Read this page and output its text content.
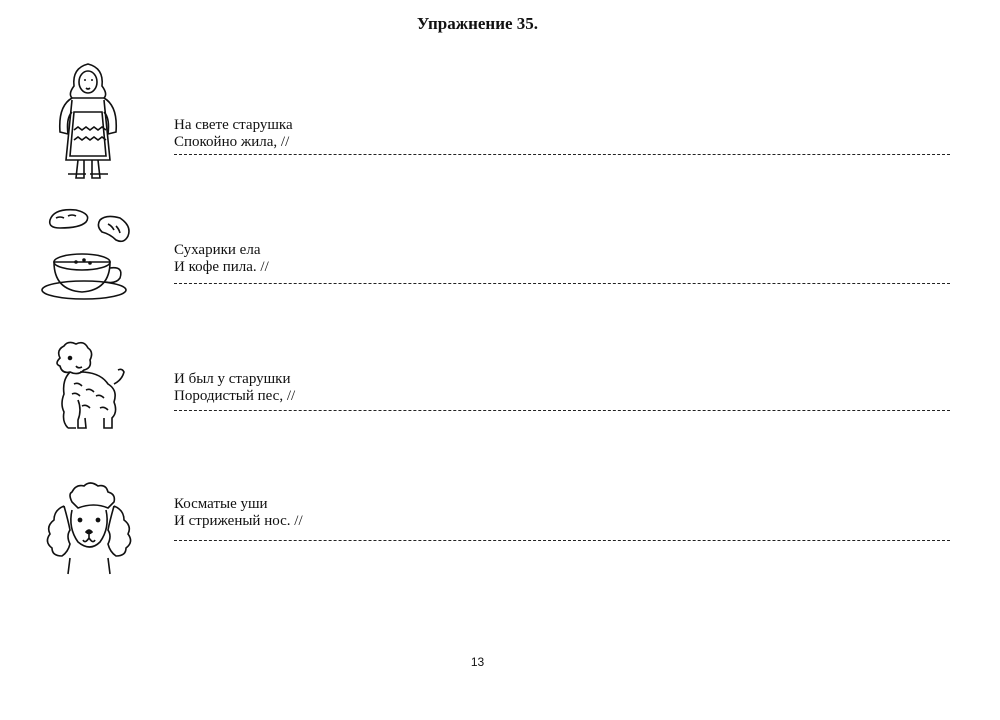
Упражнение 35.
На свете старушка
Спокойно жила, //
Сухарики ела
И кофе пила. //
И был у старушки
Породистый пес, //
Косматые уши
И стриженый нос. //
13
